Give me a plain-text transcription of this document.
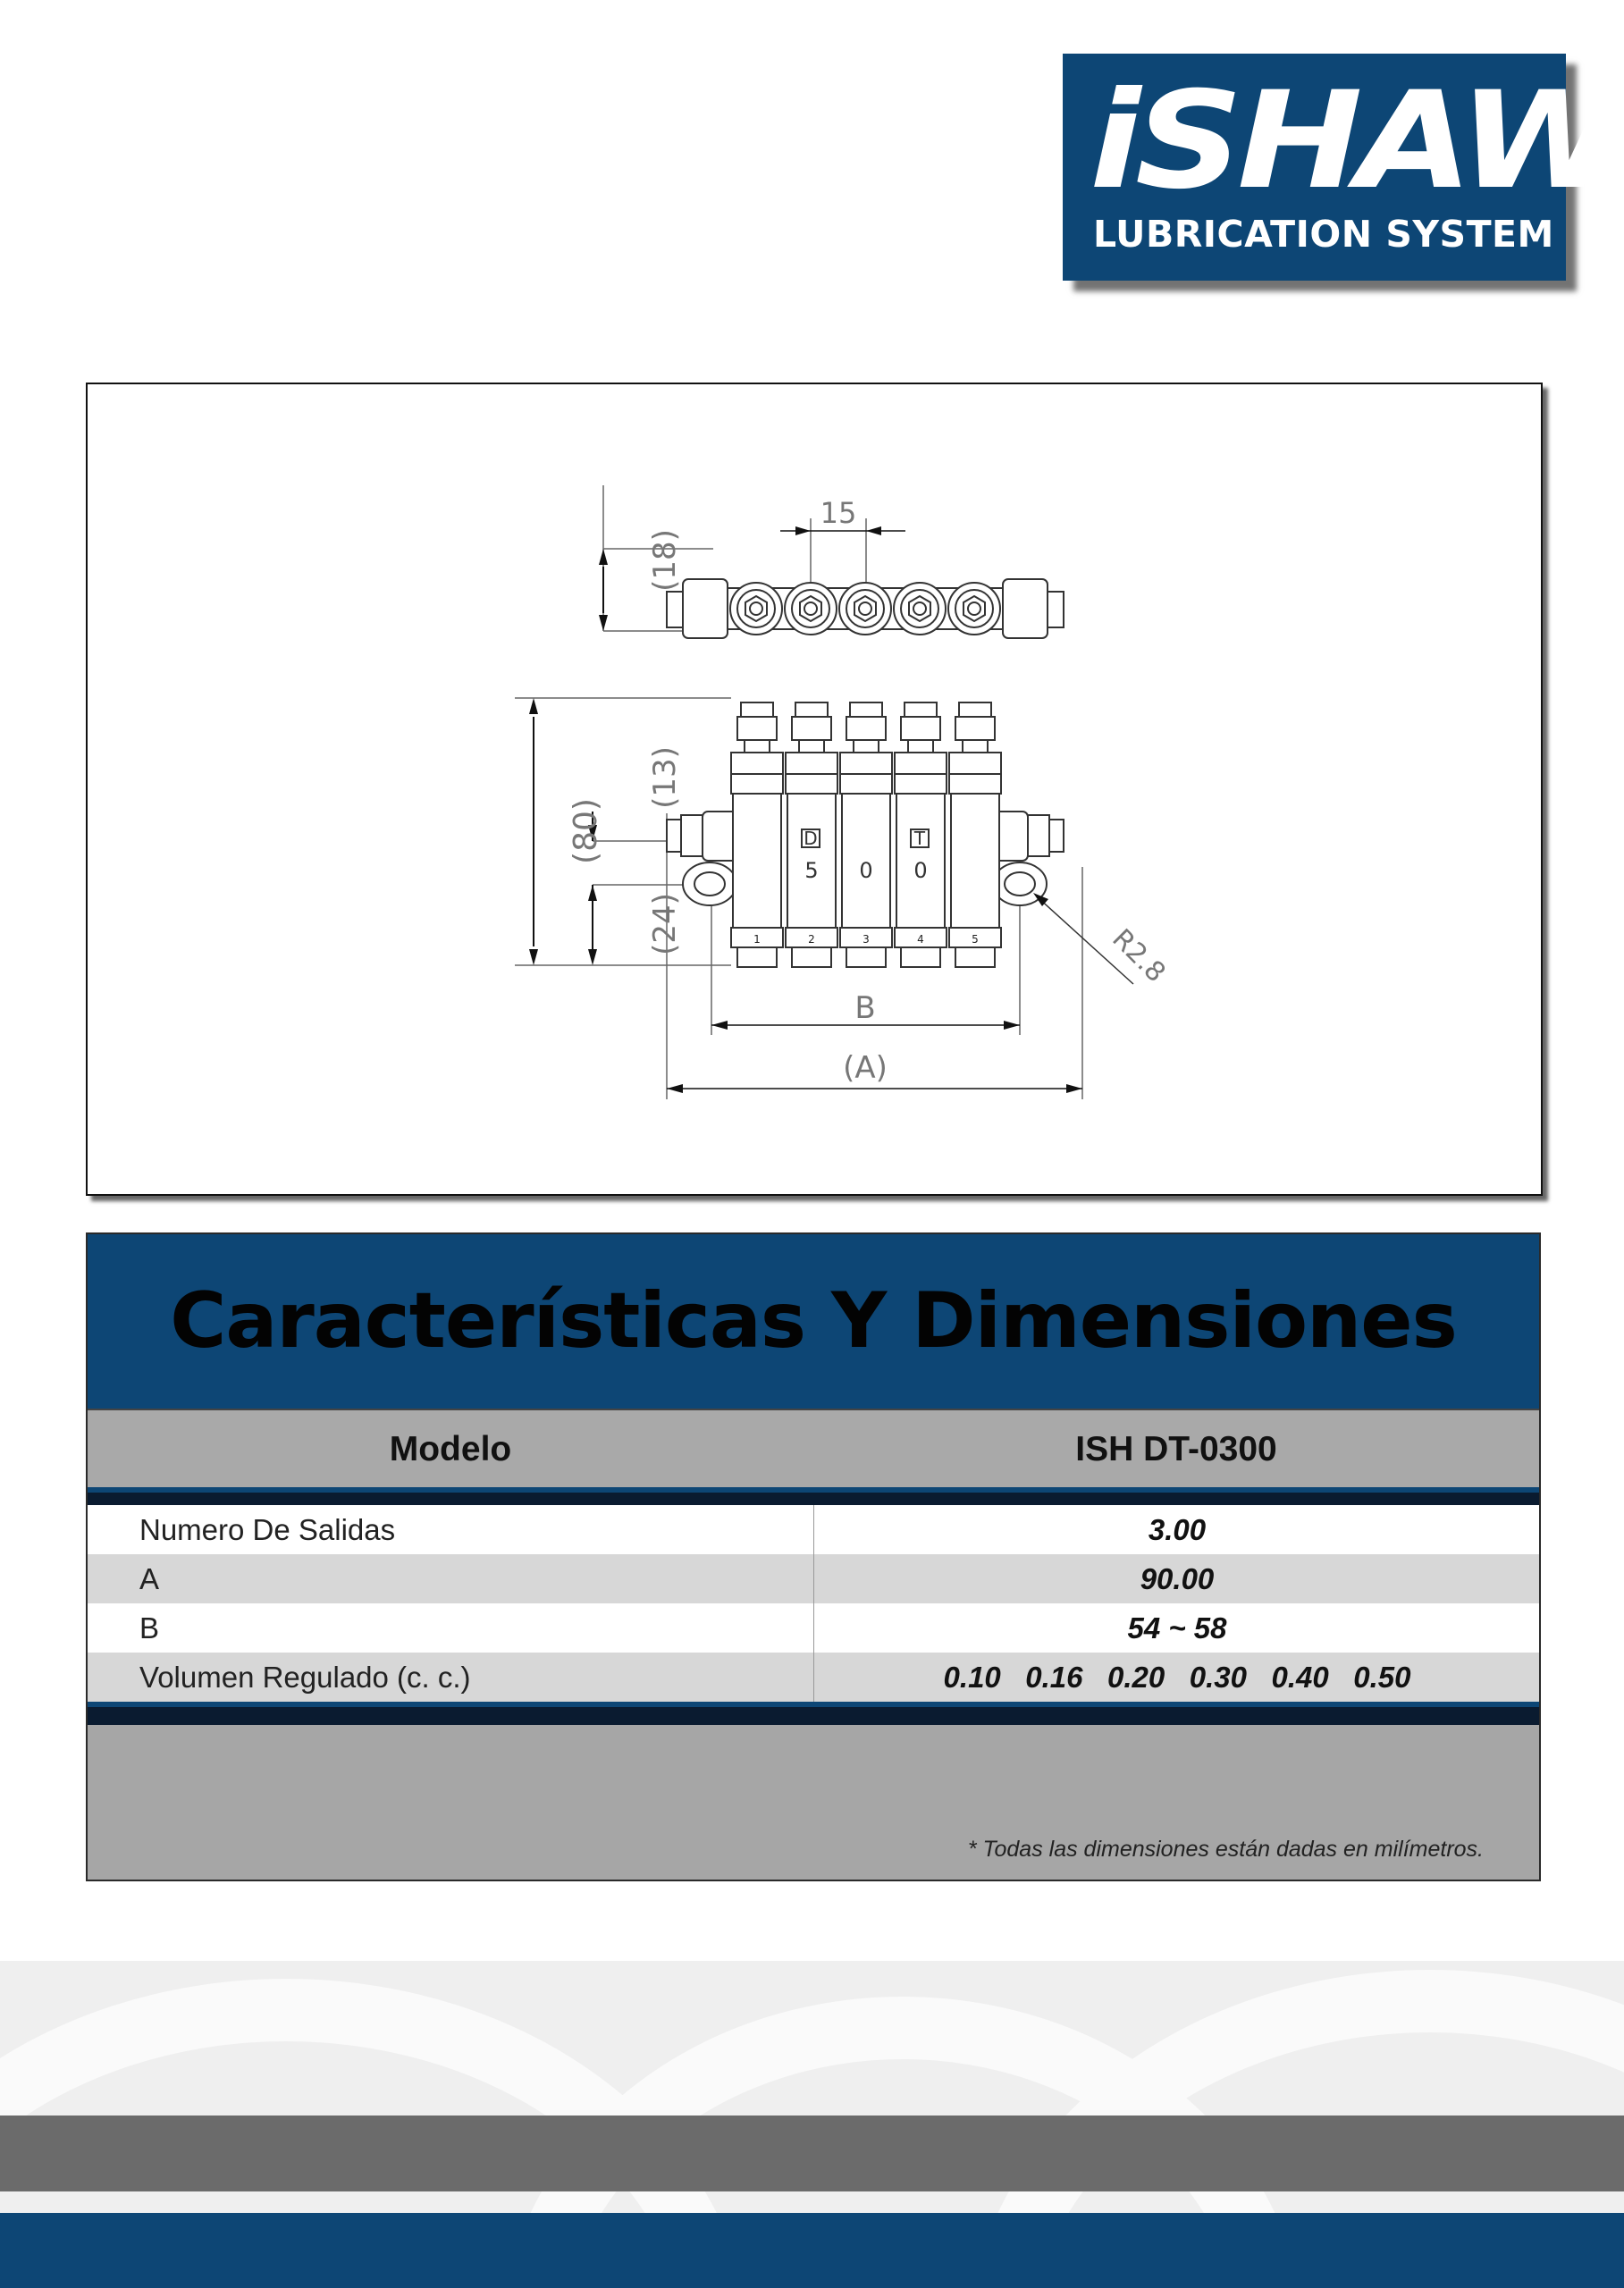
iSHAW
LUBRICATION SYSTEM
(18)
15
(80)
(13)
(24)
B
(A)
R2.8
D	T
5 0 0
1	2	3	4	5
Características Y Dimensiones
Modelo	ISH DT-0300
Numero De Salidas	3.00
A	90.00
B	54 ~ 58
Volumen Regulado (c. c.)	0.10   0.16   0.20   0.30   0.40   0.50
* Todas las dimensiones están dadas en milímetros.
